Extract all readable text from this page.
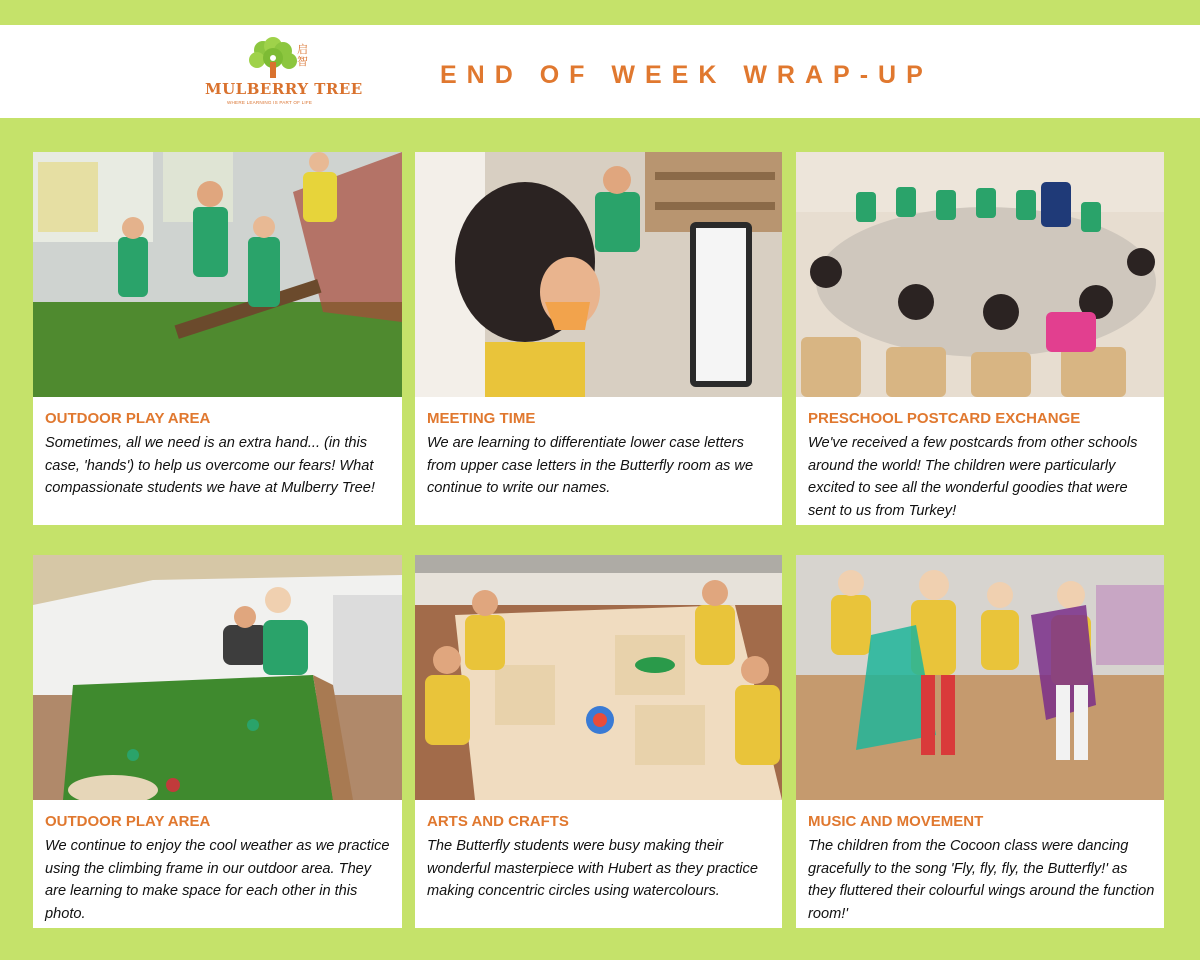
启智
MULBERRY TREE
WHERE LEARNING IS PART OF LIFE
END OF WEEK WRAP-UP
OUTDOOR PLAY AREA
Sometimes, all we need is an extra hand... (in this case, 'hands') to help us overcome our fears! What compassionate students we have at Mulberry Tree!
MEETING TIME
We are learning to differentiate lower case letters from upper case letters in the Butterfly room as we continue to write our names.
PRESCHOOL POSTCARD EXCHANGE
We've received a few postcards from other schools around the world! The children were particularly excited to see all the wonderful goodies that were sent to us from Turkey!
OUTDOOR PLAY AREA
We continue to enjoy the cool weather as we practice using the climbing frame in our outdoor area. They are learning to make space for each other in this photo.
ARTS AND CRAFTS
The Butterfly students were busy making their wonderful masterpiece with Hubert as they practice making concentric circles using watercolours.
MUSIC AND MOVEMENT
The children from the Cocoon class were dancing gracefully to the song 'Fly, fly, fly, the Butterfly!' as they fluttered their colourful wings around the function room!'
